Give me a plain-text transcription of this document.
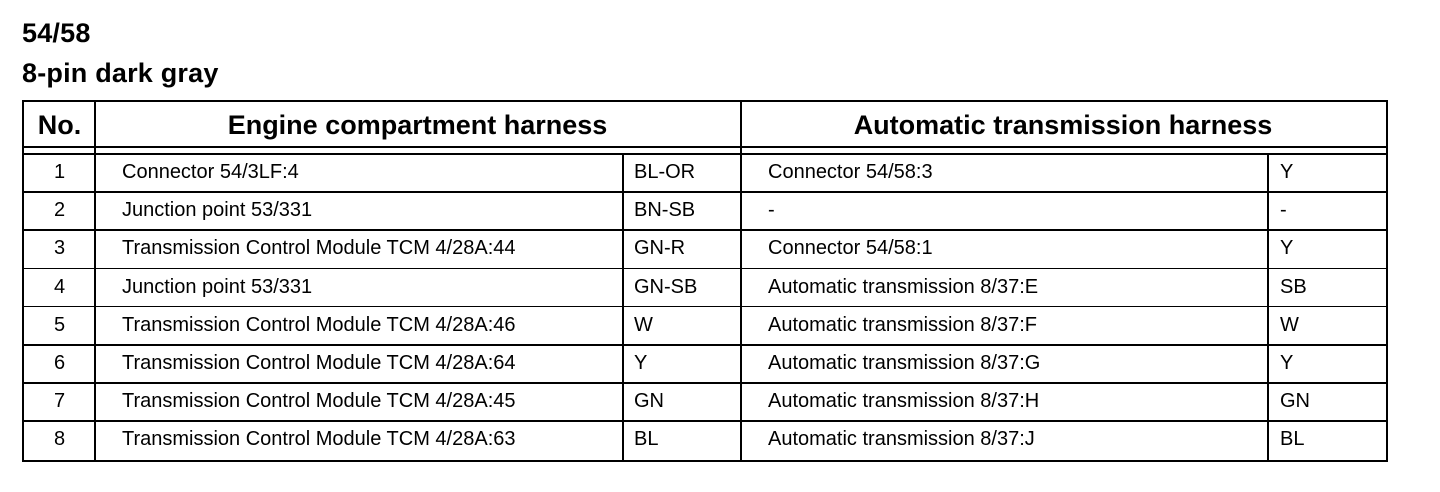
54/58
8-pin dark gray
No.	Engine compartment harness	Automatic transmission harness
1	Connector 54/3LF:4	BL-OR	Connector 54/58:3	Y
2	Junction point 53/331	BN-SB	-	-
3	Transmission Control Module TCM 4/28A:44	GN-R	Connector 54/58:1	Y
4	Junction point 53/331	GN-SB	Automatic transmission 8/37:E	SB
5	Transmission Control Module TCM 4/28A:46	W	Automatic transmission 8/37:F	W
6	Transmission Control Module TCM 4/28A:64	Y	Automatic transmission 8/37:G	Y
7	Transmission Control Module TCM 4/28A:45	GN	Automatic transmission 8/37:H	GN
8	Transmission Control Module TCM 4/28A:63	BL	Automatic transmission 8/37:J	BL
